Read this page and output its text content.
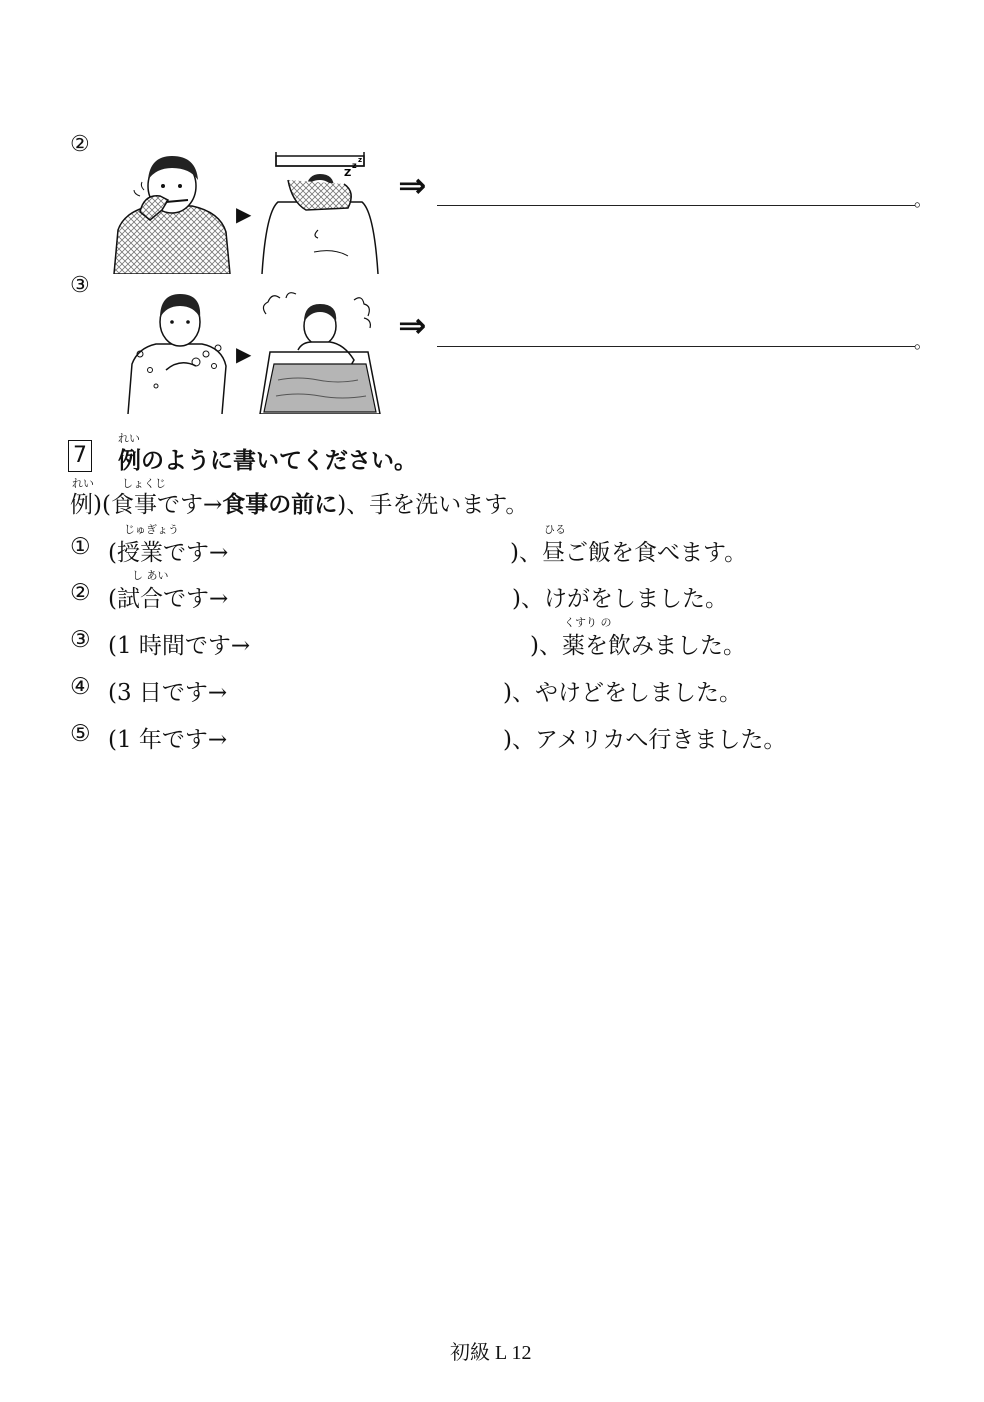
②
▶
Z
z
z
⇒	。
③
▶
⇒	。
7
れい
例のように書いてください。
れい	しょくじ
例)(食事です→食事の前に)、手を洗います。
じゅぎょう	ひる
① (授業です→	)、昼ご飯を食べます。
し あい
② (試合です→	)、けがをしました。
くすり の
③ (1 時間です→	)、薬を飲みました。
④ (3 日です→	)、やけどをしました。
⑤ (1 年です→	)、アメリカへ行きました。
初級 L 12
